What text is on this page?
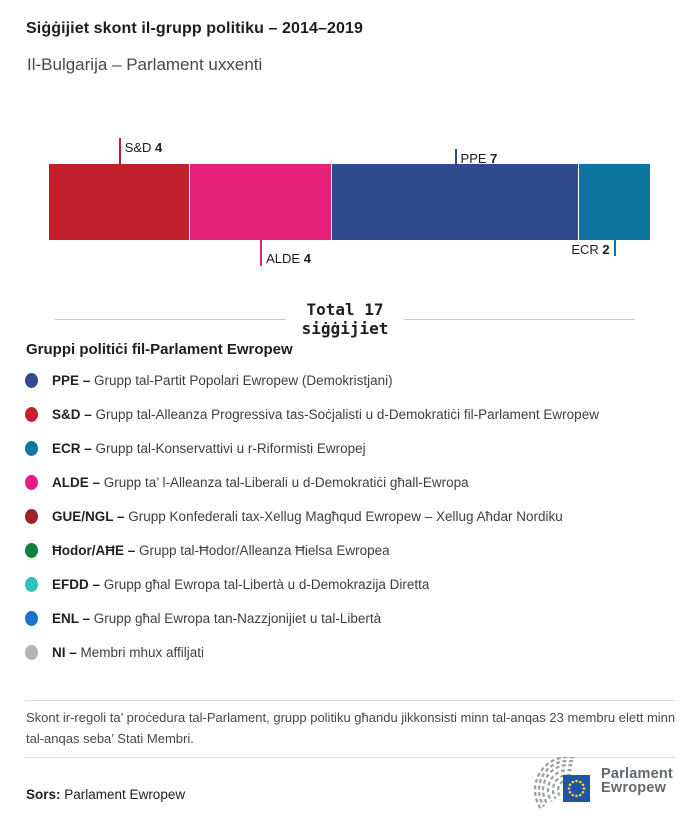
Siġġijiet skont il-grupp politiku – 2014–2019
Il-Bulgarija – Parlament uxxenti
S&D 4
ALDE 4
PPE 7
ECR 2
Total 17
siġġijiet
Gruppi politiċi fil-Parlament Ewropew
PPE – Grupp tal-Partit Popolari Ewropew (Demokristjani)
S&D – Grupp tal-Alleanza Progressiva tas-Soċjalisti u d-Demokratiċi fil-Parlament Ewropew
ECR – Grupp tal-Konservattivi u r-Riformisti Ewropej
ALDE – Grupp ta’ l-Alleanza tal-Liberali u d-Demokratiċi għall-Ewropa
GUE/NGL – Grupp Konfederali tax-Xellug Magħqud Ewropew – Xellug Aħdar Nordiku
Ħodor/AĦE – Grupp tal-Ħodor/Alleanza Ħielsa Ewropea
EFDD – Grupp għal Ewropa tal-Libertà u d-Demokrazija Diretta
ENL – Grupp għal Ewropa tan-Nazzjonijiet u tal-Libertà
NI – Membri mhux affiljati
Skont ir-regoli ta’ proċedura tal-Parlament, grupp politiku għandu jikkonsisti minn tal-anqas 23 membru elett minn tal-anqas seba’ Stati Membri.
Sors: Parlament Ewropew
Parlament
Ewropew
